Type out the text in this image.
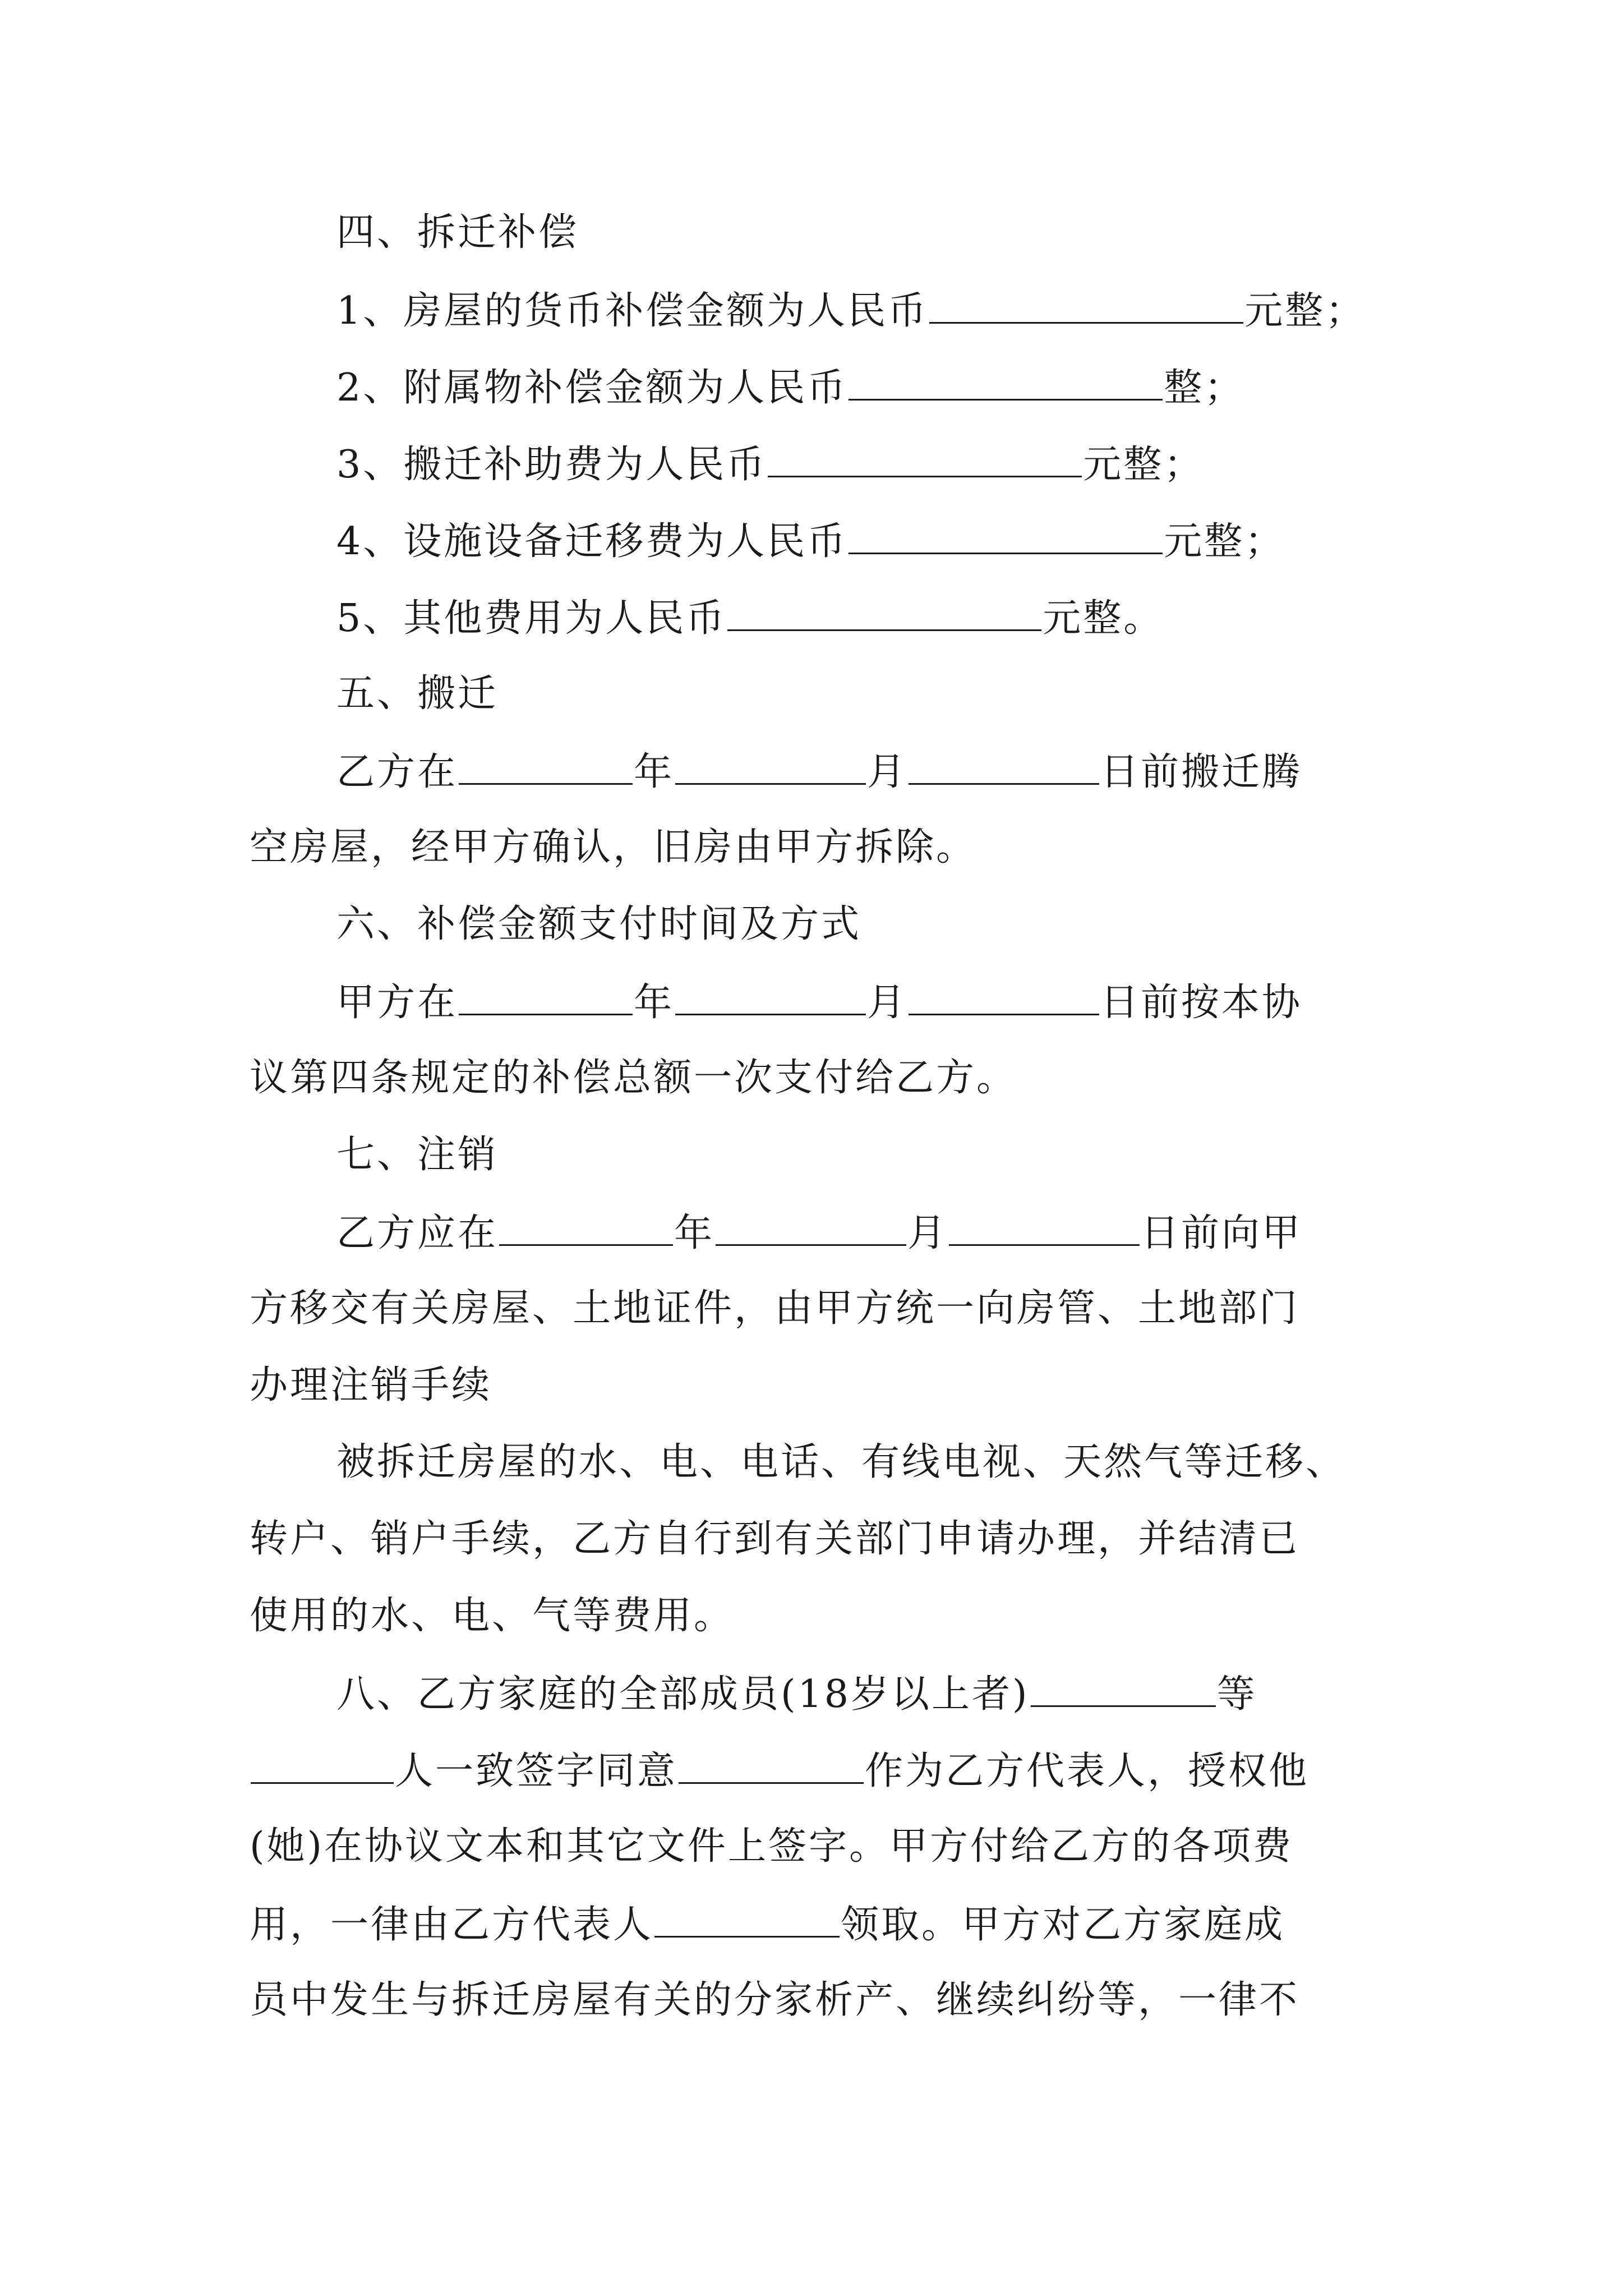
四、拆迁补偿
1、房屋的货币补偿金额为人民币	元整；
2、附属物补偿金额为人民币	整；
3、搬迁补助费为人民币	元整；
4、设施设备迁移费为人民币	元整；
5、其他费用为人民币	元整。
五、搬迁
乙方在	年	月	日前搬迁腾
空房屋，经甲方确认，旧房由甲方拆除。
六、补偿金额支付时间及方式
甲方在	年	月	日前按本协
议第四条规定的补偿总额一次支付给乙方。
七、注销
乙方应在	年	月	日前向甲
方移交有关房屋、土地证件，由甲方统一向房管、土地部门
办理注销手续
被拆迁房屋的水、电、电话、有线电视、天然气等迁移、
转户、销户手续，乙方自行到有关部门申请办理，并结清已
使用的水、电、气等费用。
八、乙方家庭的全部成员(18岁以上者)	等
人一致签字同意	作为乙方代表人，授权他
(她)在协议文本和其它文件上签字。甲方付给乙方的各项费
用，一律由乙方代表人	领取。甲方对乙方家庭成
员中发生与拆迁房屋有关的分家析产、继续纠纷等，一律不
